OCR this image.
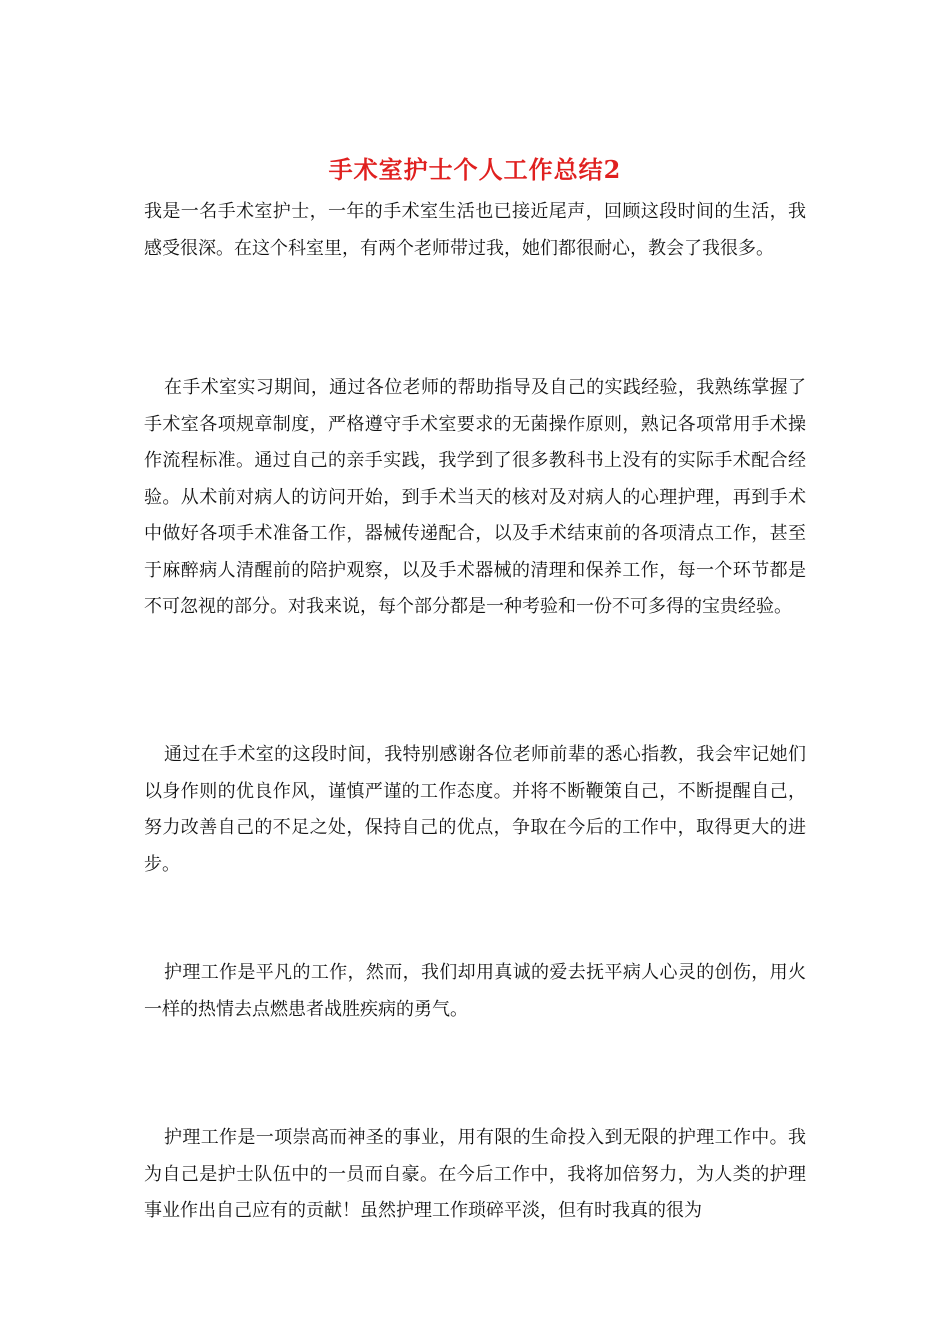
手术室护士个人工作总结2

我是一名手术室护士，一年的手术室生活也已接近尾声，回顾这段时间的生活，我感受很深。在这个科室里，有两个老师带过我，她们都很耐心，教会了我很多。

在手术室实习期间，通过各位老师的帮助指导及自己的实践经验，我熟练掌握了手术室各项规章制度，严格遵守手术室要求的无菌操作原则，熟记各项常用手术操作流程标准。通过自己的亲手实践，我学到了很多教科书上没有的实际手术配合经验。从术前对病人的访问开始，到手术当天的核对及对病人的心理护理，再到手术中做好各项手术准备工作，器械传递配合，以及手术结束前的各项清点工作，甚至于麻醉病人清醒前的陪护观察，以及手术器械的清理和保养工作，每一个环节都是不可忽视的部分。对我来说，每个部分都是一种考验和一份不可多得的宝贵经验。

通过在手术室的这段时间，我特别感谢各位老师前辈的悉心指教，我会牢记她们以身作则的优良作风，谨慎严谨的工作态度。并将不断鞭策自己，不断提醒自己，努力改善自己的不足之处，保持自己的优点，争取在今后的工作中，取得更大的进步。

护理工作是平凡的工作，然而，我们却用真诚的爱去抚平病人心灵的创伤，用火一样的热情去点燃患者战胜疾病的勇气。

护理工作是一项崇高而神圣的事业，用有限的生命投入到无限的护理工作中。我为自己是护士队伍中的一员而自豪。在今后工作中，我将加倍努力，为人类的护理事业作出自己应有的贡献！虽然护理工作琐碎平淡，但有时我真的很为
